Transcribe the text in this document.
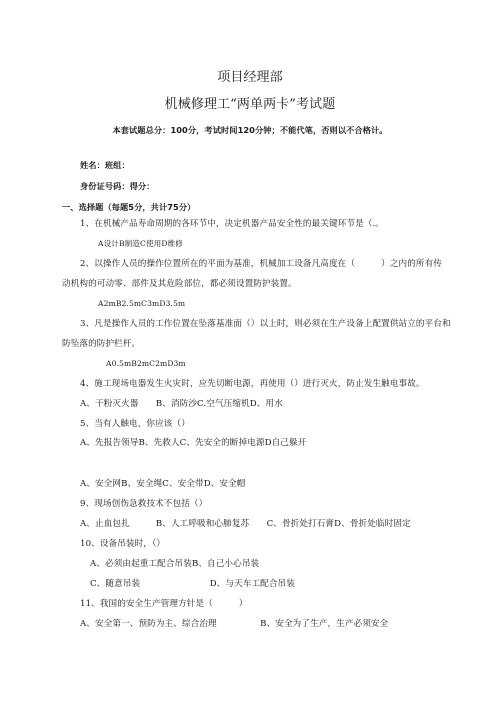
项目经理部
机械修理工“两单两卡”考试题
本套试题总分：100分，考试时间120分钟；不能代笔，否则以不合格计。
姓名：班组：
身份证号码：得分：
一、选择题（每题5分，共计75分）
1、在机械产品寿命周期的各环节中，决定机器产品安全性的最关键环节是（.。
A设计B制造C使用D维修
2、以操作人员的操作位置所在的平面为基准，机械加工设备凡高度在（　　　）之内的所有传
动机构的可动零、部件及其危险部位，都必须设置防护装置。
A2mB2.5mC3mD3.5m
3、凡是操作人员的工作位置在坠落基准面（）以上时，则必须在生产设备上配置供站立的平台和
防坠落的防护栏杆。
A0.5mB2mC2mD3m
4、施工现场电器发生火灾时，应先切断电源，再使用（）进行灭火，防止发生触电事故。
A、干粉灭火器　　B、消防沙C.空气压缩机D、用水
5、当有人触电，你应该（）
A、先报告领导B、先救人C、先安全的断掉电源D自己躲开
A、安全网B、安全绳C、安全带D、安全帽
9、现场创伤急救技术不包括（）
A、止血包扎　　　B、人工呼吸和心肺复苏　　C、骨折处打石膏D、骨折处临时固定
10、设备吊装时，（）
A、必须由起重工配合吊装B、自己小心吊装
C、随意吊装　　　　　　　　D、与天车工配合吊装
11、我国的安全生产管理方针是（　　　）
A、安全第一、预防为主、综合治理　　　　　B、安全为了生产，生产必须安全
